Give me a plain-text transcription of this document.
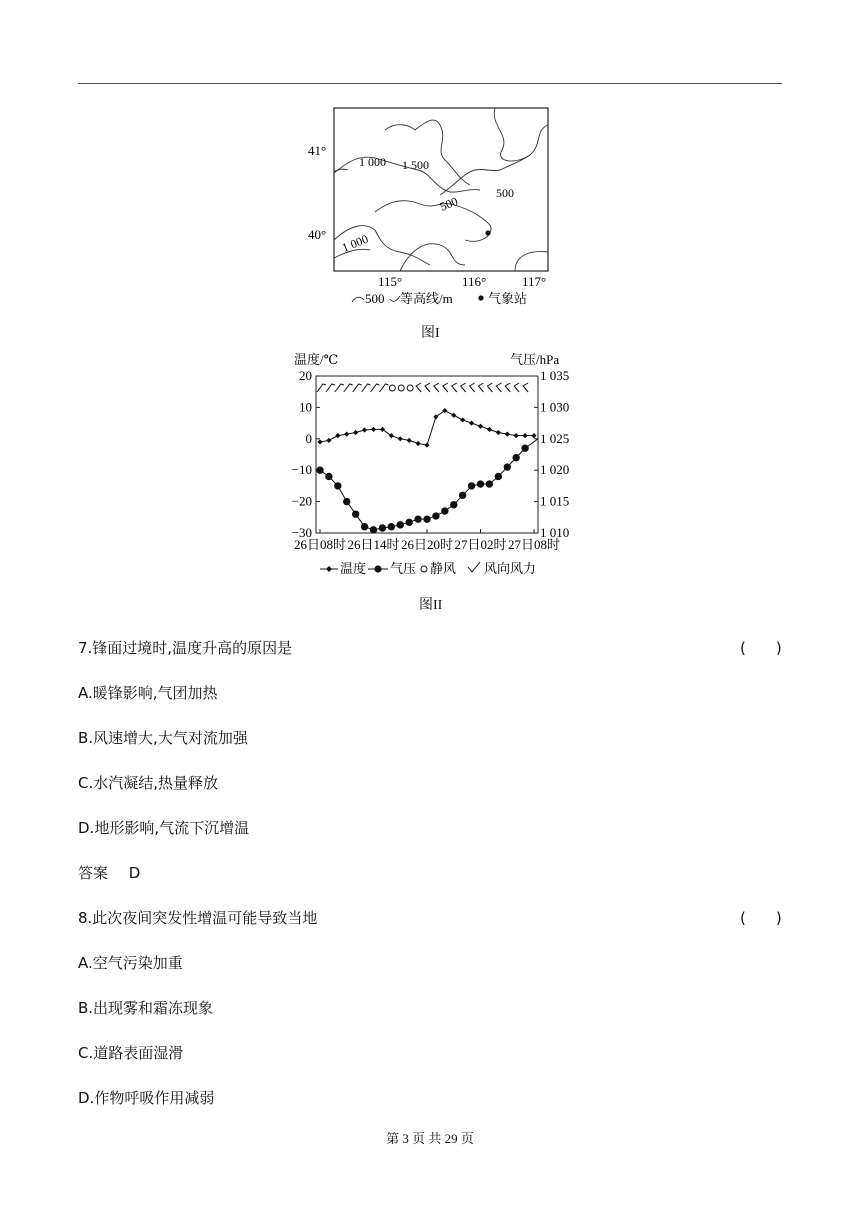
41°
40°
115°	116°	117°
1 000 1 500
500
500
1 000
500 等高线/m	气象站
图I
温度/℃	气压/hPa
20
10
0
−10
−20
−30
1 035
1 030
1 025
1 020
1 015
1 010
26日08时 26日14时 26日20时 27日02时 27日08时
温度 气压 静风 风向风力
图II
7.锋面过境时,温度升高的原因是	(　　)
A.暖锋影响,气团加热
B.风速增大,大气对流加强
C.水汽凝结,热量释放
D.地形影响,气流下沉增温
答案 D
8.此次夜间突发性增温可能导致当地	(　　)
A.空气污染加重
B.出现雾和霜冻现象
C.道路表面湿滑
D.作物呼吸作用减弱
第 3 页 共 29 页
